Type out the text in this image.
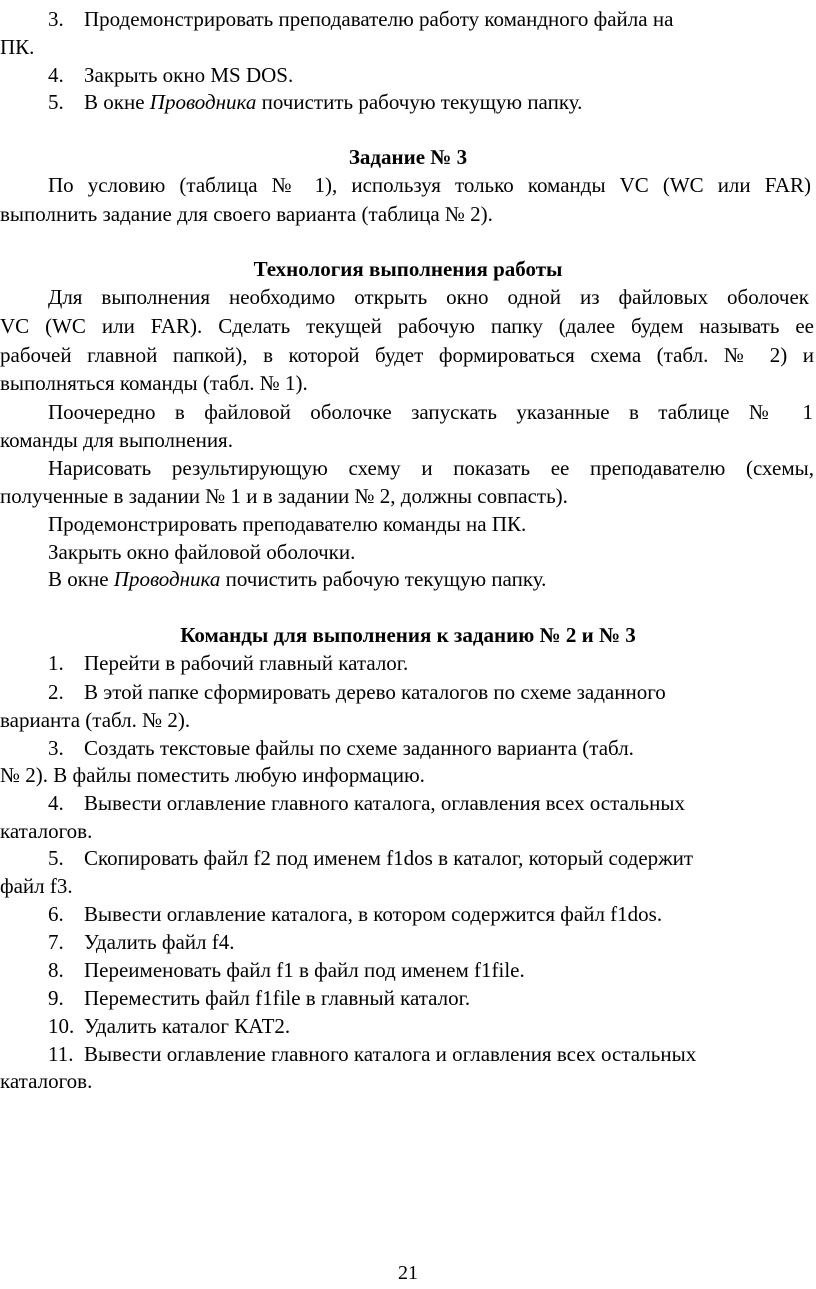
3. Продемонстрировать преподавателю работу командного файла на
ПК.
4. Закрыть окно MS DOS.
5. В окне Проводника почистить рабочую текущую папку.
Задание № 3
По условию (таблица № 1), используя только команды VC (WC или FAR)
выполнить задание для своего варианта (таблица № 2).
Технология выполнения работы
Для выполнения необходимо открыть окно одной из файловых оболочек
VC (WC или FAR). Сделать текущей рабочую папку (далее будем называть ее
рабочей главной папкой), в которой будет формироваться схема (табл. № 2) и
выполняться команды (табл. № 1).
Поочередно в файловой оболочке запускать указанные в таблице № 1
команды для выполнения.
Нарисовать результирующую схему и показать ее преподавателю (схемы,
полученные в задании № 1 и в задании № 2, должны совпасть).
Продемонстрировать преподавателю команды на ПК.
Закрыть окно файловой оболочки.
В окне Проводника почистить рабочую текущую папку.
Команды для выполнения к заданию № 2 и № 3
1. Перейти в рабочий главный каталог.
2. В этой папке сформировать дерево каталогов по схеме заданного
варианта (табл. № 2).
3. Создать текстовые файлы по схеме заданного варианта (табл.
№ 2). В файлы поместить любую информацию.
4. Вывести оглавление главного каталога, оглавления всех остальных
каталогов.
5. Скопировать файл f2 под именем f1dos в каталог, который содержит
файл f3.
6. Вывести оглавление каталога, в котором содержится файл f1dos.
7. Удалить файл f4.
8. Переименовать файл f1 в файл под именем f1file.
9. Переместить файл f1file в главный каталог.
10. Удалить каталог КАТ2.
11. Вывести оглавление главного каталога и оглавления всех остальных
каталогов.
21
